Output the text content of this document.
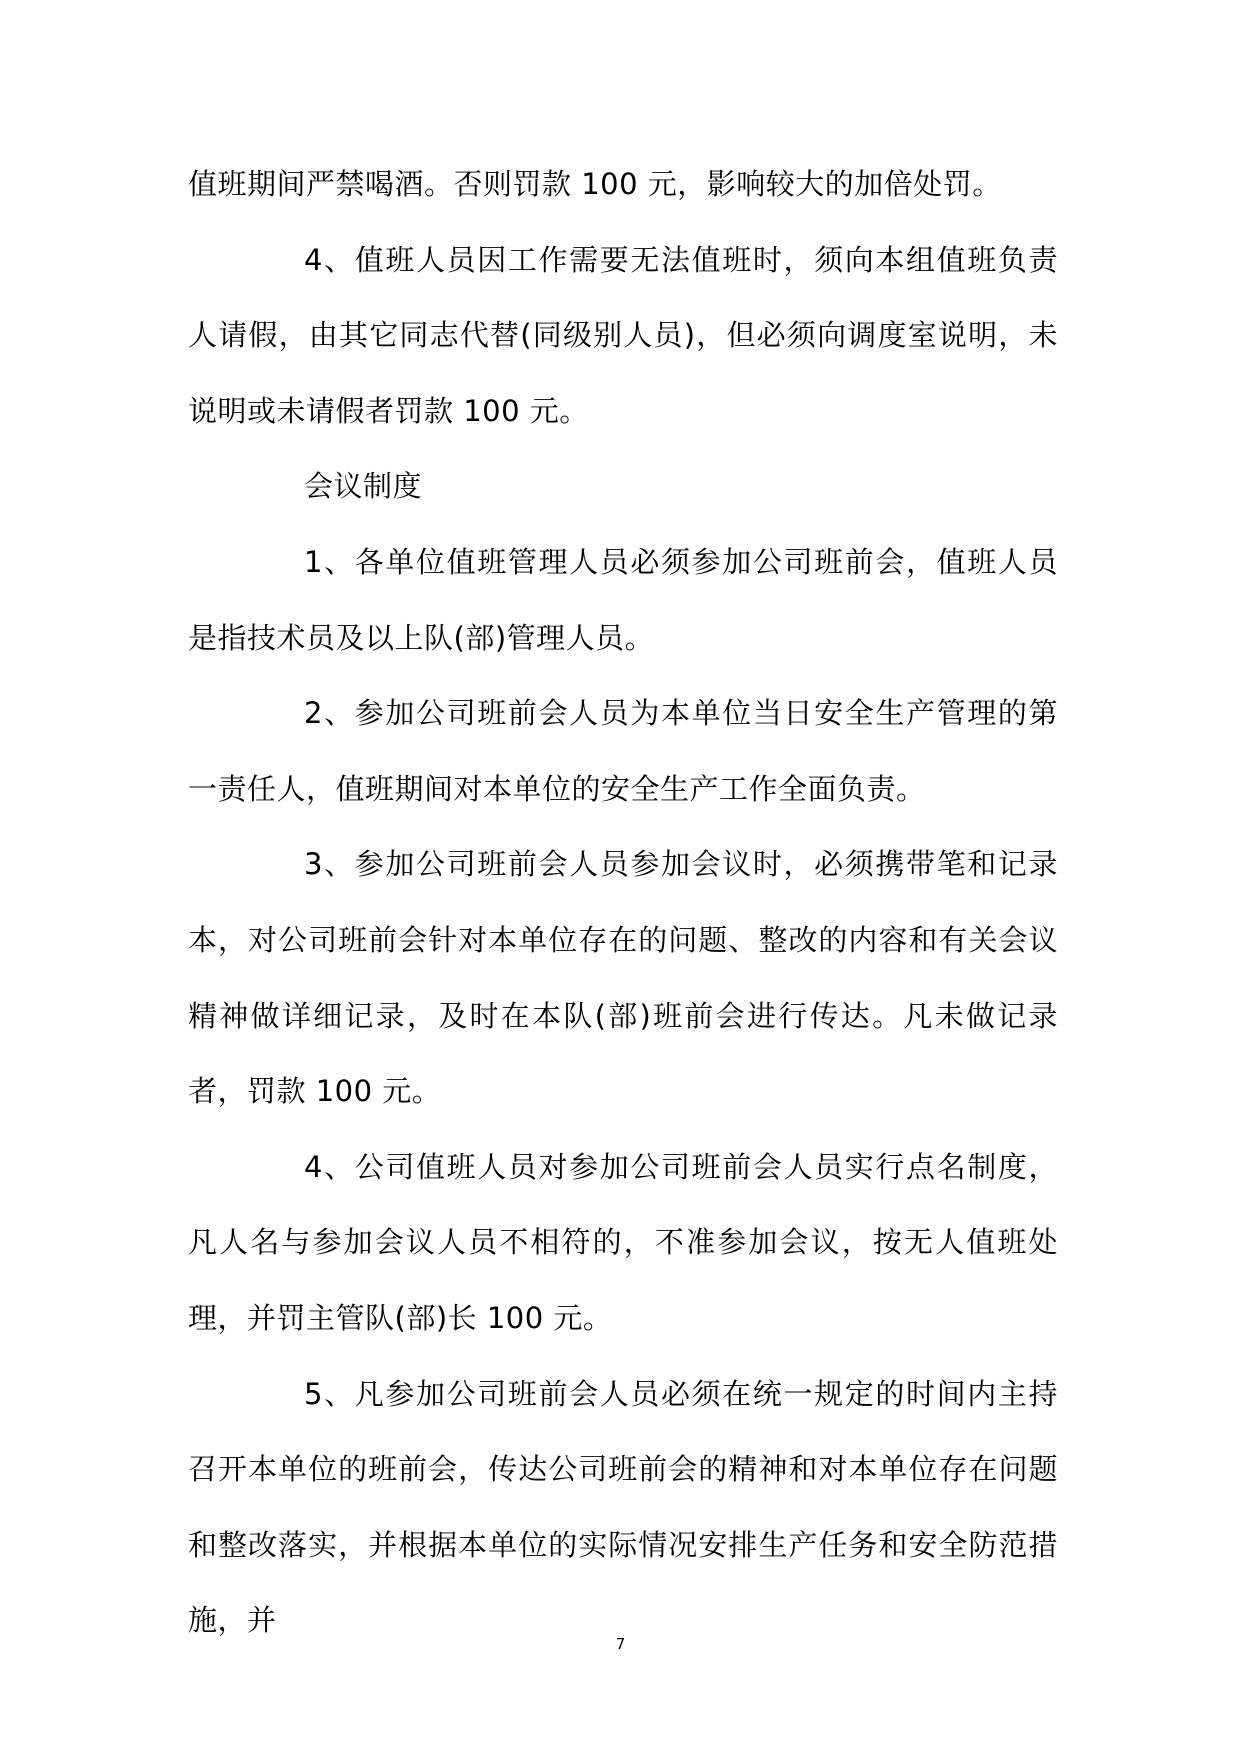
值班期间严禁喝酒。否则罚款 100 元，影响较大的加倍处罚。

4、值班人员因工作需要无法值班时，须向本组值班负责人请假，由其它同志代替(同级别人员)，但必须向调度室说明，未说明或未请假者罚款 100 元。

会议制度

1、各单位值班管理人员必须参加公司班前会，值班人员是指技术员及以上队(部)管理人员。

2、参加公司班前会人员为本单位当日安全生产管理的第一责任人，值班期间对本单位的安全生产工作全面负责。

3、参加公司班前会人员参加会议时，必须携带笔和记录本，对公司班前会针对本单位存在的问题、整改的内容和有关会议精神做详细记录，及时在本队(部)班前会进行传达。凡未做记录者，罚款 100 元。

4、公司值班人员对参加公司班前会人员实行点名制度，凡人名与参加会议人员不相符的，不准参加会议，按无人值班处理，并罚主管队(部)长 100 元。

5、凡参加公司班前会人员必须在统一规定的时间内主持召开本单位的班前会，传达公司班前会的精神和对本单位存在问题和整改落实，并根据本单位的实际情况安排生产任务和安全防范措施，并

7
